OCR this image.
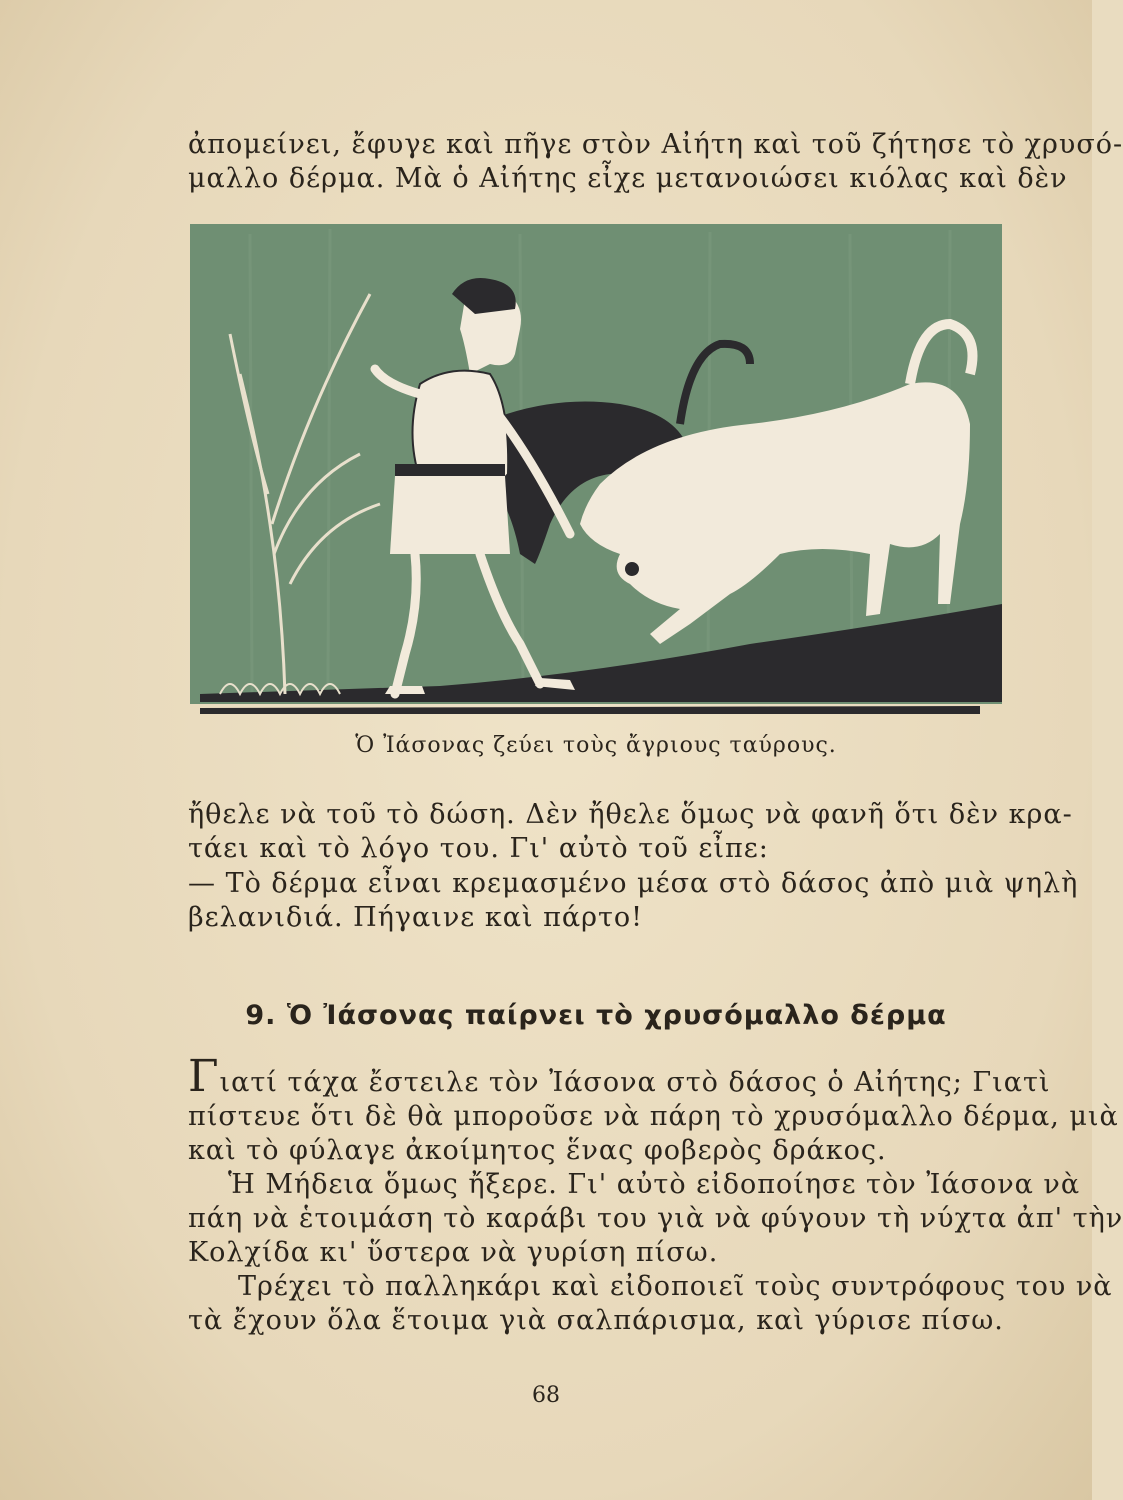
ἀπομείνει, ἔφυγε καὶ πῆγε στὸν Αἰήτη καὶ τοῦ ζήτησε τὸ χρυσό-
μαλλο δέρμα. Μὰ ὁ Αἰήτης εἶχε μετανοιώσει κιόλας καὶ δὲν
Ὁ Ἰάσονας ζεύει τοὺς ἄγριους ταύρους.
ἤθελε νὰ τοῦ τὸ δώση. Δὲν ἤθελε ὅμως νὰ φανῆ ὅτι δὲν κρα-
τάει καὶ τὸ λόγο του. Γι' αὐτὸ τοῦ εἶπε:
— Τὸ δέρμα εἶναι κρεμασμένο μέσα στὸ δάσος ἀπὸ μιὰ ψηλὴ
βελανιδιά. Πήγαινε καὶ πάρτο!
9. Ὁ Ἰάσονας παίρνει τὸ χρυσόμαλλο δέρμα
Γιατί τάχα ἔστειλε τὸν Ἰάσονα στὸ δάσος ὁ Αἰήτης; Γιατὶ
πίστευε ὅτι δὲ θὰ μποροῦσε νὰ πάρη τὸ χρυσόμαλλο δέρμα, μιὰ
καὶ τὸ φύλαγε ἀκοίμητος ἕνας φοβερὸς δράκος.
Ἡ Μήδεια ὅμως ἤξερε. Γι' αὐτὸ εἰδοποίησε τὸν Ἰάσονα νὰ
πάη νὰ ἑτοιμάση τὸ καράβι του γιὰ νὰ φύγουν τὴ νύχτα ἀπ' τὴν
Κολχίδα κι' ὕστερα νὰ γυρίση πίσω.
Τρέχει τὸ παλληκάρι καὶ εἰδοποιεῖ τοὺς συντρόφους του νὰ
τὰ ἔχουν ὅλα ἕτοιμα γιὰ σαλπάρισμα, καὶ γύρισε πίσω.
68
